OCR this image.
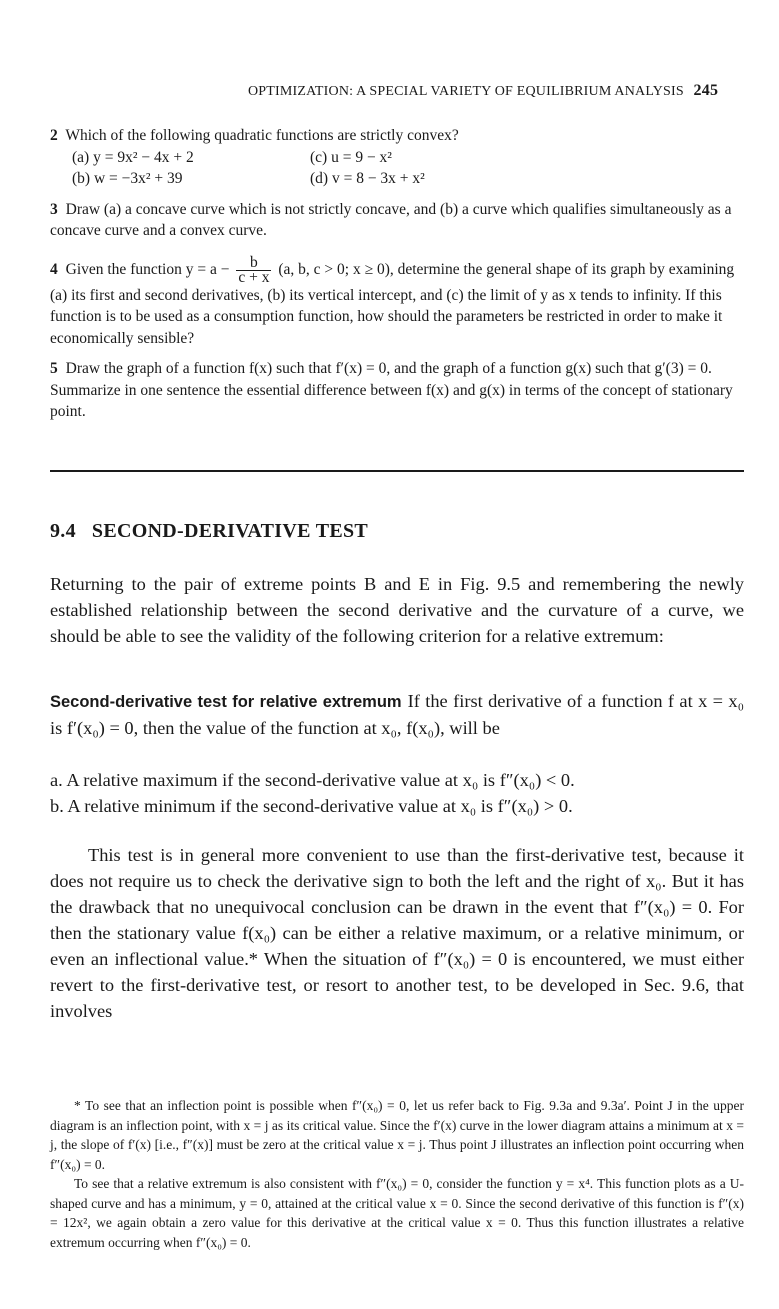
OPTIMIZATION: A SPECIAL VARIETY OF EQUILIBRIUM ANALYSIS 245
2 Which of the following quadratic functions are strictly convex?
(a) y = 9x² − 4x + 2	(c) u = 9 − x²
(b) w = −3x² + 39	(d) v = 8 − 3x + x²
3 Draw (a) a concave curve which is not strictly concave, and (b) a curve which qualifies simultaneously as a concave curve and a convex curve.
4 Given the function $y = a - \frac{b}{c + x} (a$, b, c > 0; x ≥ 0), determine the general shape of its graph by examining (a) its first and second derivatives, (b) its vertical intercept, and (c) the limit of y as x tends to infinity. If this function is to be used as a consumption function, how should the parameters be restricted in order to make it economically sensible?
5 Draw the graph of a function f(x) such that f′(x) = 0, and the graph of a function g(x) such that g′(3) = 0. Summarize in one sentence the essential difference between f(x) and g(x) in terms of the concept of stationary point.
9.4 SECOND-DERIVATIVE TEST

Returning to the pair of extreme points B and E in Fig. 9.5 and remembering the newly established relationship between the second derivative and the curvature of a curve, we should be able to see the validity of the following criterion for a relative extremum:

Second-derivative test for relative extremum If the first derivative of a function f at x = x₀ is f′(x₀) = 0, then the value of the function at x₀, f(x₀), will be

a. A relative maximum if the second-derivative value at x₀ is f″(x₀) < 0.
b. A relative minimum if the second-derivative value at x₀ is f″(x₀) > 0.

This test is in general more convenient to use than the first-derivative test, because it does not require us to check the derivative sign to both the left and the right of x₀. But it has the drawback that no unequivocal conclusion can be drawn in the event that f″(x₀) = 0. For then the stationary value f(x₀) can be either a relative maximum, or a relative minimum, or even an inflectional value.* When the situation of f″(x₀) = 0 is encountered, we must either revert to the first-derivative test, or resort to another test, to be developed in Sec. 9.6, that involves

* To see that an inflection point is possible when f″(x₀) = 0, let us refer back to Fig. 9.3a and 9.3a′. Point J in the upper diagram is an inflection point, with x = j as its critical value. Since the f′(x) curve in the lower diagram attains a minimum at x = j, the slope of f′(x) [i.e., f″(x)] must be zero at the critical value x = j. Thus point J illustrates an inflection point occurring when f″(x₀) = 0.

To see that a relative extremum is also consistent with f″(x₀) = 0, consider the function y = x⁴. This function plots as a U-shaped curve and has a minimum, y = 0, attained at the critical value x = 0. Since the second derivative of this function is f″(x) = 12x², we again obtain a zero value for this derivative at the critical value x = 0. Thus this function illustrates a relative extremum occurring when f″(x₀) = 0.
